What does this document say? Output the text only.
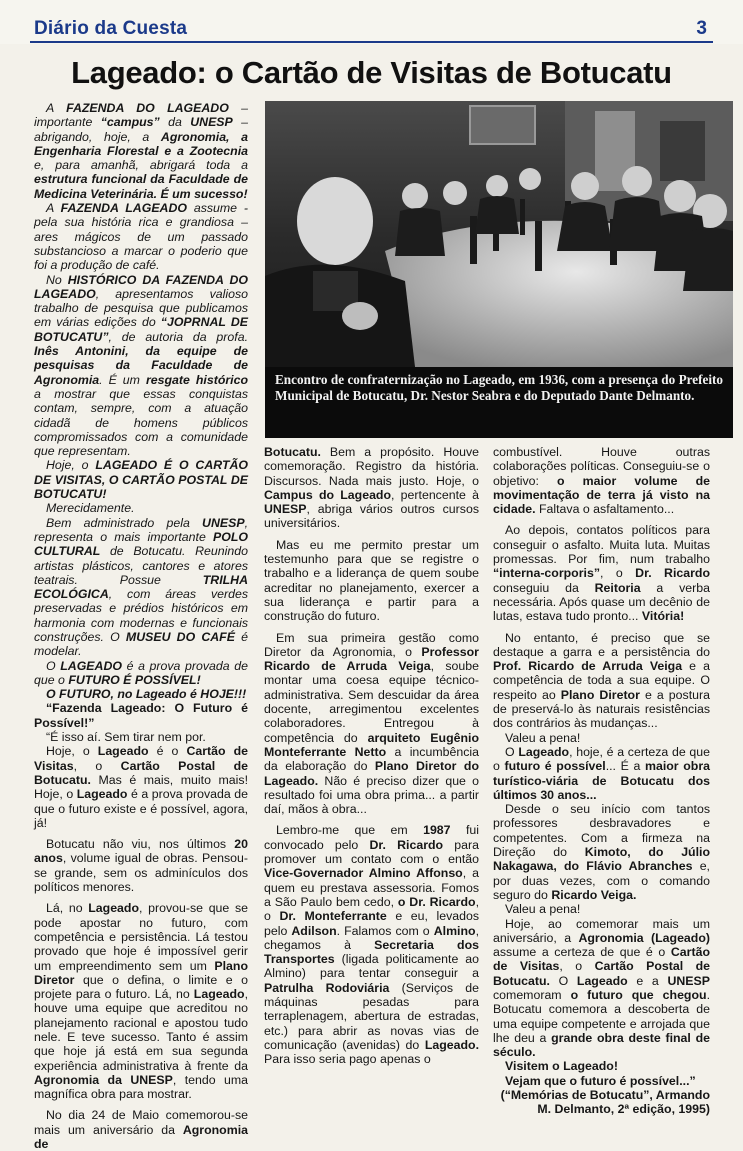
Diário da Cuesta	3
Lageado: o Cartão de Visitas de Botucatu

A FAZENDA DO LAGEADO – importante “campus” da UNESP – abrigando, hoje, a Agronomia, a Engenharia Florestal e a Zootecnia e, para amanhã, abrigará toda a estrutura funcional da Faculdade de Medicina Veterinária. É um sucesso!

A FAZENDA LAGEADO assume - pela sua história rica e grandiosa – ares mágicos de um passado substancioso a marcar o poderio que foi a produção de café.

No HISTÓRICO DA FAZENDA DO LAGEADO, apresentamos valioso trabalho de pesquisa que publicamos em várias edições do “JOPRNAL DE BOTUCATU”, de autoria da profa. Inês Antonini, da equipe de pesquisas da Faculdade de Agronomia. É um resgate histórico a mostrar que essas conquistas contam, sempre, com a atuação cidadã de homens públicos compromissados com a comunidade que representam.

Hoje, o LAGEADO É O CARTÃO DE VISITAS, O CARTÃO POSTAL DE BOTUCATU!

Merecidamente.

Bem administrado pela UNESP, representa o mais importante POLO CULTURAL de Botucatu. Reunindo artistas plásticos, cantores e atores teatrais. Possue TRILHA ECOLÓGICA, com áreas verdes preservadas e prédios históricos em harmonia com modernas e funcionais construções. O MUSEU DO CAFÉ é modelar.

O LAGEADO é a prova provada de que o FUTURO É POSSÍVEL!

O FUTURO, no Lageado é HOJE!!!

“Fazenda Lageado: O Futuro é Possível!”

“É isso aí. Sem tirar nem por.

Hoje, o Lageado é o Cartão de Visitas, o Cartão Postal de Botucatu. Mas é mais, muito mais! Hoje, o Lageado é a prova provada de que o futuro existe e é possível, agora, já!

Botucatu não viu, nos últimos 20 anos, volume igual de obras. Pensou-se grande, sem os adminículos dos políticos menores.

Lá, no Lageado, provou-se que se pode apostar no futuro, com competência e persistência. Lá testou provado que hoje é impossível gerir um empreendimento sem um Plano Diretor que o defina, o limite e o projete para o futuro. Lá, no Lageado, houve uma equipe que acreditou no planejamento racional e apostou tudo nele. E teve sucesso. Tanto é assim que hoje já está em sua segunda experiência administrativa à frente da Agronomia da UNESP, tendo uma magnífica obra para mostrar.

No dia 24 de Maio comemorou-se mais um aniversário da Agronomia de

Encontro de confraternização no Lageado, em 1936, com a presença do Prefeito Municipal de Botucatu, Dr. Nestor Seabra e do Deputado Dante Delmanto.

Botucatu. Bem a propósito. Houve comemoração. Registro da história. Discursos. Nada mais justo. Hoje, o Campus do Lageado, pertencente à UNESP, abriga vários outros cursos universitários.

Mas eu me permito prestar um testemunho para que se registre o trabalho e a liderança de quem soube acreditar no planejamento, exercer a sua liderança e partir para a construção do futuro.

Em sua primeira gestão como Diretor da Agronomia, o Professor Ricardo de Arruda Veiga, soube montar uma coesa equipe técnico-administrativa. Sem descuidar da área docente, arregimentou excelentes colaboradores. Entregou à competência do arquiteto Eugênio Monteferrante Netto a incumbência da elaboração do Plano Diretor do Lageado. Não é preciso dizer que o resultado foi uma obra prima... a partir daí, mãos à obra...

Lembro-me que em 1987 fui convocado pelo Dr. Ricardo para promover um contato com o então Vice-Governador Almino Affonso, a quem eu prestava assessoria. Fomos a São Paulo bem cedo, o Dr. Ricardo, o Dr. Monteferrante e eu, levados pelo Adilson. Falamos com o Almino, chegamos à Secretaria dos Transportes (ligada politicamente ao Almino) para tentar conseguir a Patrulha Rodoviária (Serviços de máquinas pesadas para terraplenagem, abertura de estradas, etc.) para abrir as novas vias de comunicação (avenidas) do Lageado. Para isso seria pago apenas o

combustível. Houve outras colaborações políticas. Conseguiu-se o objetivo: o maior volume de movimentação de terra já visto na cidade. Faltava o asfaltamento...

Ao depois, contatos políticos para conseguir o asfalto. Muita luta. Muitas promessas. Por fim, num trabalho “interna-corporis”, o Dr. Ricardo conseguiu da Reitoria a verba necessária. Após quase um decênio de lutas, estava tudo pronto... Vitória!

No entanto, é preciso que se destaque a garra e a persistência do Prof. Ricardo de Arruda Veiga e a competência de toda a sua equipe. O respeito ao Plano Diretor e a postura de preservá-lo às naturais resistências dos contrários às mudanças...

Valeu a pena!

O Lageado, hoje, é a certeza de que o futuro é possível... É a maior obra turístico-viária de Botucatu dos últimos 30 anos...

Desde o seu início com tantos professores desbravadores e competentes. Com a firmeza na Direção do Kimoto, do Júlio Nakagawa, do Flávio Abranches e, por duas vezes, com o comando seguro do Ricardo Veiga.

Valeu a pena!

Hoje, ao comemorar mais um aniversário, a Agronomia (Lageado) assume a certeza de que é o Cartão de Visitas, o Cartão Postal de Botucatu. O Lageado e a UNESP comemoram o futuro que chegou. Botucatu comemora a descoberta de uma equipe competente e arrojada que lhe deu a grande obra deste final de século.

Visitem o Lageado!

Vejam que o futuro é possível...”

(“Memórias de Botucatu”, Armando M. Delmanto, 2ª edição, 1995)
